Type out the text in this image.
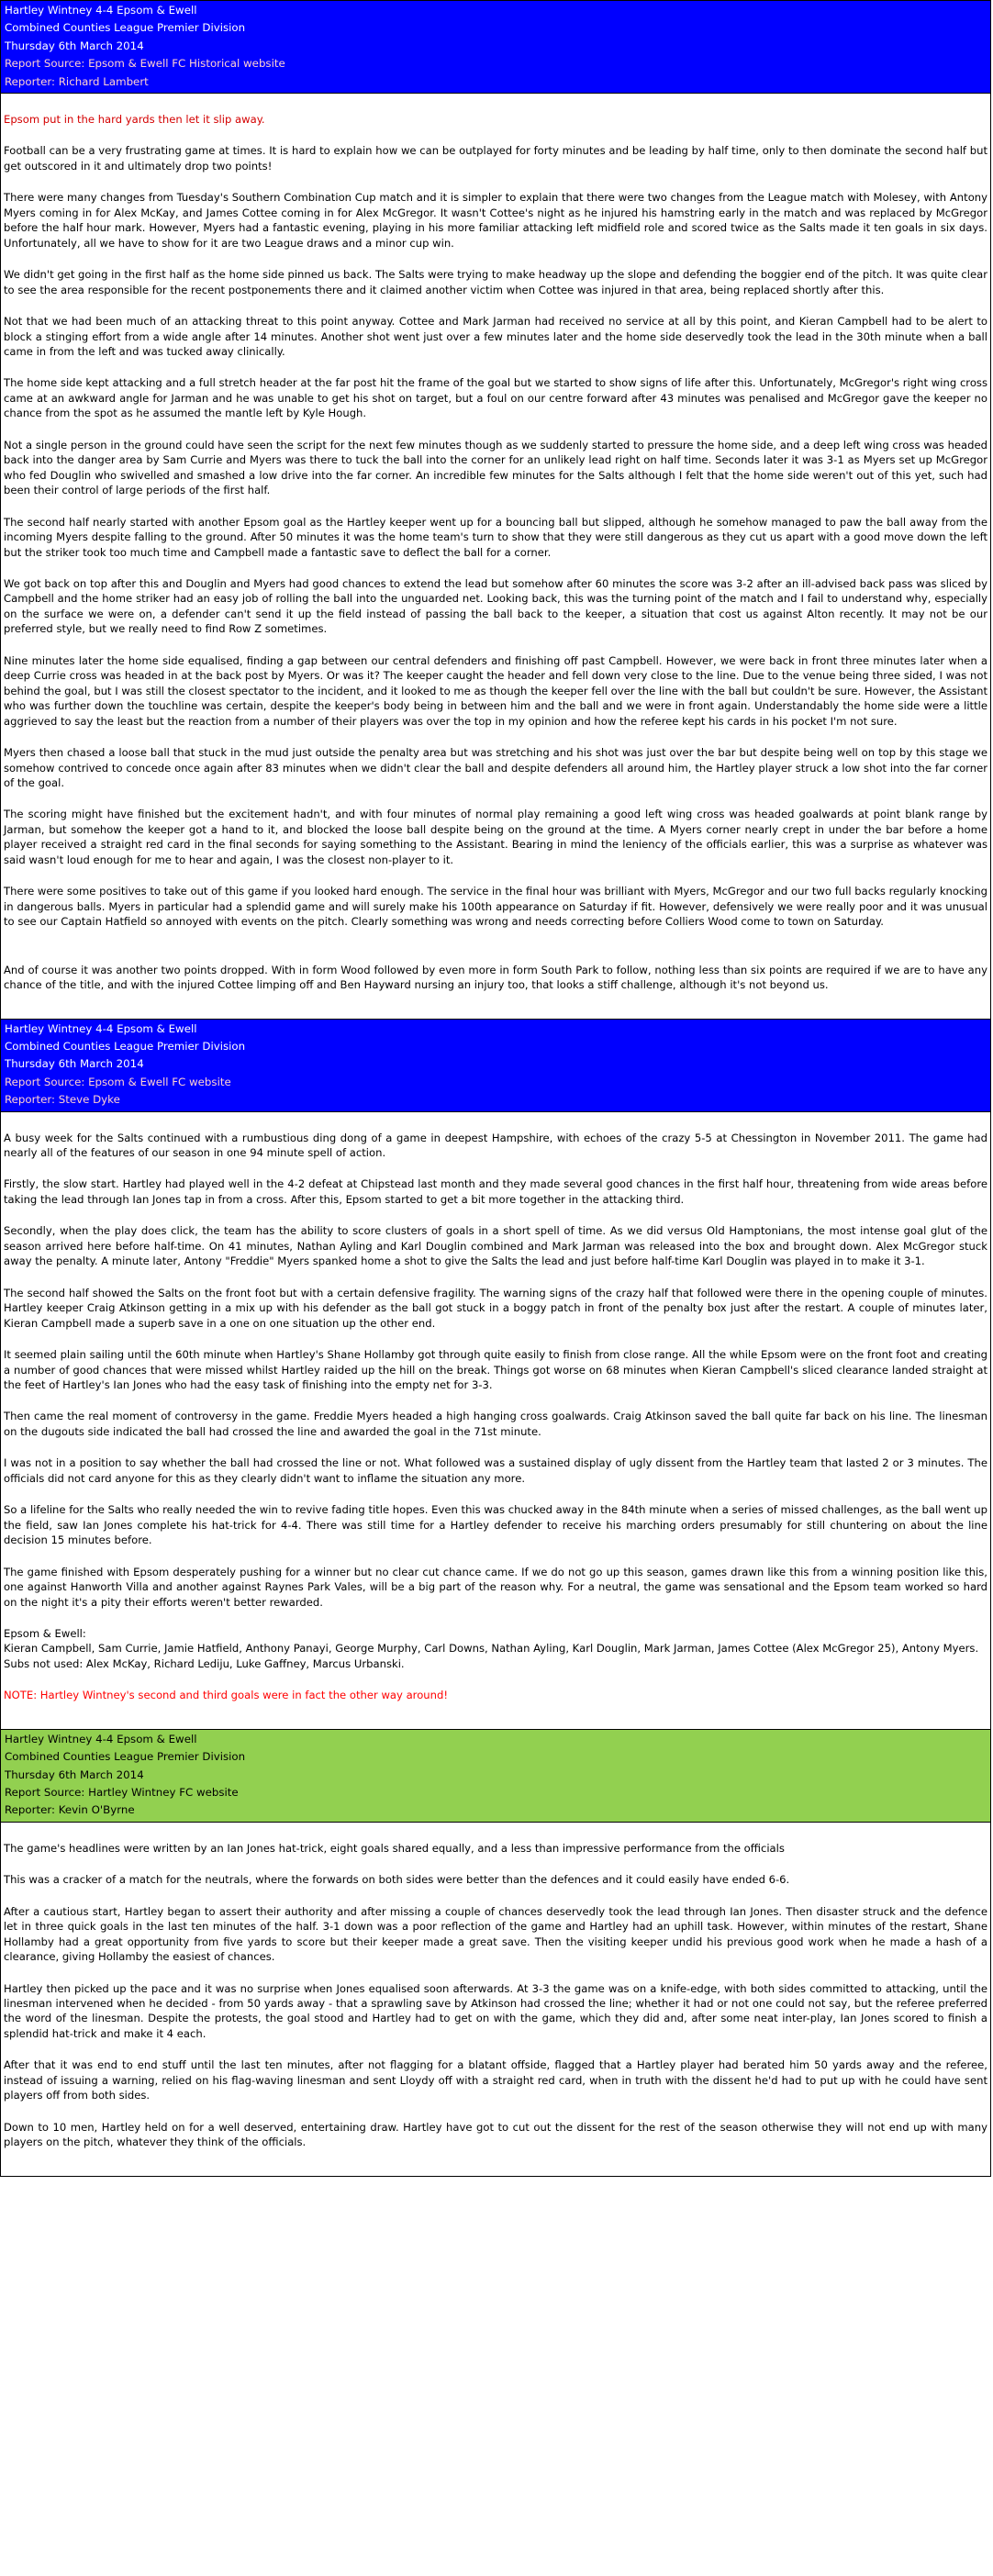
Hartley Wintney 4-4 Epsom & Ewell
Combined Counties League Premier Division
Thursday 6th March 2014
Report Source: Epsom & Ewell FC Historical website
Reporter: Richard Lambert

Epsom put in the hard yards then let it slip away.

Football can be a very frustrating game at times. It is hard to explain how we can be outplayed for forty minutes and be leading by half time, only to then dominate the second half but get outscored in it and ultimately drop two points!

There were many changes from Tuesday's Southern Combination Cup match and it is simpler to explain that there were two changes from the League match with Molesey, with Antony Myers coming in for Alex McKay, and James Cottee coming in for Alex McGregor. It wasn't Cottee's night as he injured his hamstring early in the match and was replaced by McGregor before the half hour mark. However, Myers had a fantastic evening, playing in his more familiar attacking left midfield role and scored twice as the Salts made it ten goals in six days. Unfortunately, all we have to show for it are two League draws and a minor cup win.

We didn't get going in the first half as the home side pinned us back. The Salts were trying to make headway up the slope and defending the boggier end of the pitch. It was quite clear to see the area responsible for the recent postponements there and it claimed another victim when Cottee was injured in that area, being replaced shortly after this.

Not that we had been much of an attacking threat to this point anyway. Cottee and Mark Jarman had received no service at all by this point, and Kieran Campbell had to be alert to block a stinging effort from a wide angle after 14 minutes. Another shot went just over a few minutes later and the home side deservedly took the lead in the 30th minute when a ball came in from the left and was tucked away clinically.

The home side kept attacking and a full stretch header at the far post hit the frame of the goal but we started to show signs of life after this. Unfortunately, McGregor's right wing cross came at an awkward angle for Jarman and he was unable to get his shot on target, but a foul on our centre forward after 43 minutes was penalised and McGregor gave the keeper no chance from the spot as he assumed the mantle left by Kyle Hough.

Not a single person in the ground could have seen the script for the next few minutes though as we suddenly started to pressure the home side, and a deep left wing cross was headed back into the danger area by Sam Currie and Myers was there to tuck the ball into the corner for an unlikely lead right on half time. Seconds later it was 3-1 as Myers set up McGregor who fed Douglin who swivelled and smashed a low drive into the far corner. An incredible few minutes for the Salts although I felt that the home side weren't out of this yet, such had been their control of large periods of the first half.

The second half nearly started with another Epsom goal as the Hartley keeper went up for a bouncing ball but slipped, although he somehow managed to paw the ball away from the incoming Myers despite falling to the ground. After 50 minutes it was the home team's turn to show that they were still dangerous as they cut us apart with a good move down the left but the striker took too much time and Campbell made a fantastic save to deflect the ball for a corner.

We got back on top after this and Douglin and Myers had good chances to extend the lead but somehow after 60 minutes the score was 3-2 after an ill-advised back pass was sliced by Campbell and the home striker had an easy job of rolling the ball into the unguarded net. Looking back, this was the turning point of the match and I fail to understand why, especially on the surface we were on, a defender can't send it up the field instead of passing the ball back to the keeper, a situation that cost us against Alton recently. It may not be our preferred style, but we really need to find Row Z sometimes.

Nine minutes later the home side equalised, finding a gap between our central defenders and finishing off past Campbell. However, we were back in front three minutes later when a deep Currie cross was headed in at the back post by Myers. Or was it? The keeper caught the header and fell down very close to the line. Due to the venue being three sided, I was not behind the goal, but I was still the closest spectator to the incident, and it looked to me as though the keeper fell over the line with the ball but couldn't be sure. However, the Assistant who was further down the touchline was certain, despite the keeper's body being in between him and the ball and we were in front again. Understandably the home side were a little aggrieved to say the least but the reaction from a number of their players was over the top in my opinion and how the referee kept his cards in his pocket I'm not sure.

Myers then chased a loose ball that stuck in the mud just outside the penalty area but was stretching and his shot was just over the bar but despite being well on top by this stage we somehow contrived to concede once again after 83 minutes when we didn't clear the ball and despite defenders all around him, the Hartley player struck a low shot into the far corner of the goal.

The scoring might have finished but the excitement hadn't, and with four minutes of normal play remaining a good left wing cross was headed goalwards at point blank range by Jarman, but somehow the keeper got a hand to it, and blocked the loose ball despite being on the ground at the time. A Myers corner nearly crept in under the bar before a home player received a straight red card in the final seconds for saying something to the Assistant. Bearing in mind the leniency of the officials earlier, this was a surprise as whatever was said wasn't loud enough for me to hear and again, I was the closest non-player to it.

There were some positives to take out of this game if you looked hard enough. The service in the final hour was brilliant with Myers, McGregor and our two full backs regularly knocking in dangerous balls. Myers in particular had a splendid game and will surely make his 100th appearance on Saturday if fit. However, defensively we were really poor and it was unusual to see our Captain Hatfield so annoyed with events on the pitch. Clearly something was wrong and needs correcting before Colliers Wood come to town on Saturday.

And of course it was another two points dropped. With in form Wood followed by even more in form South Park to follow, nothing less than six points are required if we are to have any chance of the title, and with the injured Cottee limping off and Ben Hayward nursing an injury too, that looks a stiff challenge, although it's not beyond us.

Hartley Wintney 4-4 Epsom & Ewell
Combined Counties League Premier Division
Thursday 6th March 2014
Report Source: Epsom & Ewell FC website
Reporter: Steve Dyke

A busy week for the Salts continued with a rumbustious ding dong of a game in deepest Hampshire, with echoes of the crazy 5-5 at Chessington in November 2011. The game had nearly all of the features of our season in one 94 minute spell of action.

Firstly, the slow start. Hartley had played well in the 4-2 defeat at Chipstead last month and they made several good chances in the first half hour, threatening from wide areas before taking the lead through Ian Jones tap in from a cross. After this, Epsom started to get a bit more together in the attacking third.

Secondly, when the play does click, the team has the ability to score clusters of goals in a short spell of time. As we did versus Old Hamptonians, the most intense goal glut of the season arrived here before half-time. On 41 minutes, Nathan Ayling and Karl Douglin combined and Mark Jarman was released into the box and brought down. Alex McGregor stuck away the penalty. A minute later, Antony "Freddie" Myers spanked home a shot to give the Salts the lead and just before half-time Karl Douglin was played in to make it 3-1.

The second half showed the Salts on the front foot but with a certain defensive fragility. The warning signs of the crazy half that followed were there in the opening couple of minutes. Hartley keeper Craig Atkinson getting in a mix up with his defender as the ball got stuck in a boggy patch in front of the penalty box just after the restart. A couple of minutes later, Kieran Campbell made a superb save in a one on one situation up the other end.

It seemed plain sailing until the 60th minute when Hartley's Shane Hollamby got through quite easily to finish from close range. All the while Epsom were on the front foot and creating a number of good chances that were missed whilst Hartley raided up the hill on the break. Things got worse on 68 minutes when Kieran Campbell's sliced clearance landed straight at the feet of Hartley's Ian Jones who had the easy task of finishing into the empty net for 3-3.

Then came the real moment of controversy in the game. Freddie Myers headed a high hanging cross goalwards. Craig Atkinson saved the ball quite far back on his line. The linesman on the dugouts side indicated the ball had crossed the line and awarded the goal in the 71st minute.

I was not in a position to say whether the ball had crossed the line or not. What followed was a sustained display of ugly dissent from the Hartley team that lasted 2 or 3 minutes. The officials did not card anyone for this as they clearly didn't want to inflame the situation any more.

So a lifeline for the Salts who really needed the win to revive fading title hopes. Even this was chucked away in the 84th minute when a series of missed challenges, as the ball went up the field, saw Ian Jones complete his hat-trick for 4-4. There was still time for a Hartley defender to receive his marching orders presumably for still chuntering on about the line decision 15 minutes before.

The game finished with Epsom desperately pushing for a winner but no clear cut chance came. If we do not go up this season, games drawn like this from a winning position like this, one against Hanworth Villa and another against Raynes Park Vales, will be a big part of the reason why. For a neutral, the game was sensational and the Epsom team worked so hard on the night it's a pity their efforts weren't better rewarded.

Epsom & Ewell:

Kieran Campbell, Sam Currie, Jamie Hatfield, Anthony Panayi, George Murphy, Carl Downs, Nathan Ayling, Karl Douglin, Mark Jarman, James Cottee (Alex McGregor 25), Antony Myers.

Subs not used: Alex McKay, Richard Lediju, Luke Gaffney, Marcus Urbanski.

NOTE: Hartley Wintney's second and third goals were in fact the other way around!

Hartley Wintney 4-4 Epsom & Ewell
Combined Counties League Premier Division
Thursday 6th March 2014
Report Source: Hartley Wintney FC website
Reporter: Kevin O'Byrne

The game's headlines were written by an Ian Jones hat-trick, eight goals shared equally, and a less than impressive performance from the officials

This was a cracker of a match for the neutrals, where the forwards on both sides were better than the defences and it could easily have ended 6-6.

After a cautious start, Hartley began to assert their authority and after missing a couple of chances deservedly took the lead through Ian Jones. Then disaster struck and the defence let in three quick goals in the last ten minutes of the half. 3-1 down was a poor reflection of the game and Hartley had an uphill task. However, within minutes of the restart, Shane Hollamby had a great opportunity from five yards to score but their keeper made a great save. Then the visiting keeper undid his previous good work when he made a hash of a clearance, giving Hollamby the easiest of chances.

Hartley then picked up the pace and it was no surprise when Jones equalised soon afterwards. At 3-3 the game was on a knife-edge, with both sides committed to attacking, until the linesman intervened when he decided - from 50 yards away - that a sprawling save by Atkinson had crossed the line; whether it had or not one could not say, but the referee preferred the word of the linesman. Despite the protests, the goal stood and Hartley had to get on with the game, which they did and, after some neat inter-play, Ian Jones scored to finish a splendid hat-trick and make it 4 each.

After that it was end to end stuff until the last ten minutes, after not flagging for a blatant offside, flagged that a Hartley player had berated him 50 yards away and the referee, instead of issuing a warning, relied on his flag-waving linesman and sent Lloydy off with a straight red card, when in truth with the dissent he'd had to put up with he could have sent players off from both sides.

Down to 10 men, Hartley held on for a well deserved, entertaining draw. Hartley have got to cut out the dissent for the rest of the season otherwise they will not end up with many players on the pitch, whatever they think of the officials.
